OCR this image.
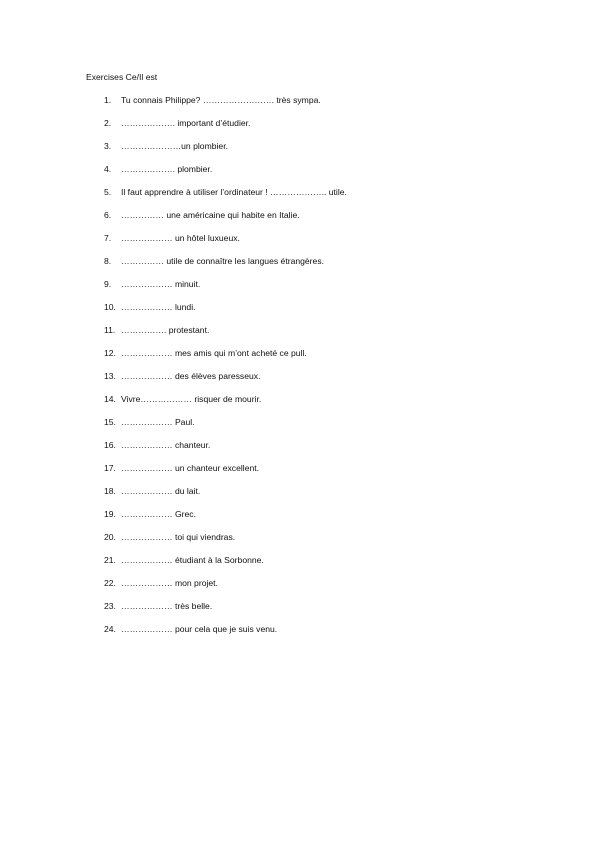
Exercises Ce/Il est
1.	Tu connais Philippe? ……………………. très sympa.
2.	………………. important d’étudier.
3.	…………………un plombier.
4.	………………. plombier.
5.	Il faut apprendre à utiliser l’ordinateur ! ……………….. utile.
6.	…………… une américaine qui habite en Italie.
7.	……………… un hôtel luxueux.
8.	…………… utile de connaître les langues étrangères.
9.	……………… minuit.
10. ……………… lundi.
11. ……………. protestant.
12. ……………… mes amis qui m’ont acheté ce pull.
13. ……………… des élèves paresseux.
14. Vivre……………… risquer de mourir.
15. ……………… Paul.
16. ……………… chanteur.
17. ……………… un chanteur excellent.
18. ……………… du lait.
19. ……………… Grec.
20. ……………… toi qui viendras.
21. ……………… étudiant à la Sorbonne.
22. ……………… mon projet.
23. ……………… très belle.
24. ……………… pour cela que je suis venu.
